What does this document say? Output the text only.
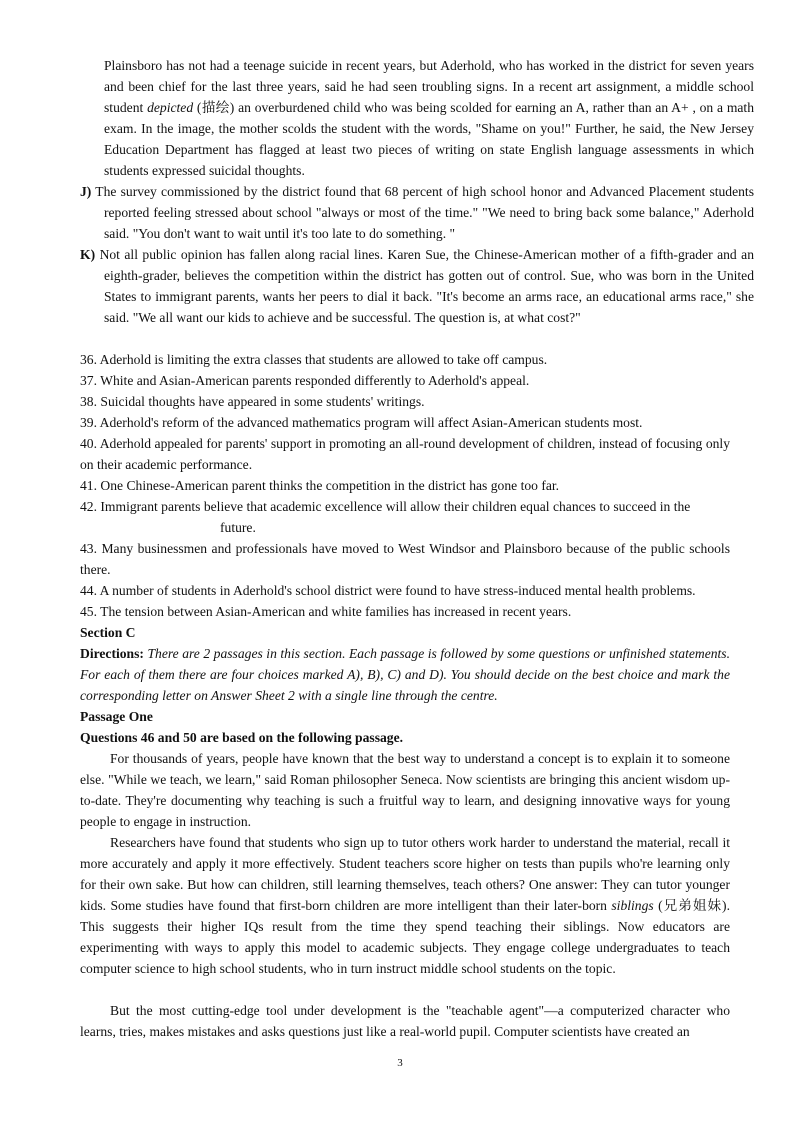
Plainsboro has not had a teenage suicide in recent years, but Aderhold, who has worked in the district for seven years and been chief for the last three years, said he had seen troubling signs. In a recent art assignment, a middle school student depicted (描绘) an overburdened child who was being scolded for earning an A, rather than an A+ , on a math exam. In the image, the mother scolds the student with the words, "Shame on you!" Further, he said, the New Jersey Education Department has flagged at least two pieces of writing on state English language assessments in which students expressed suicidal thoughts.

J) The survey commissioned by the district found that 68 percent of high school honor and Advanced Placement students reported feeling stressed about school "always or most of the time." "We need to bring back some balance," Aderhold said. "You don't want to wait until it's too late to do something. "

K) Not all public opinion has fallen along racial lines. Karen Sue, the Chinese-American mother of a fifth-grader and an eighth-grader, believes the competition within the district has gotten out of control. Sue, who was born in the United States to immigrant parents, wants her peers to dial it back. "It's become an arms race, an educational arms race," she said. "We all want our kids to achieve and be successful. The question is, at what cost?"

36. Aderhold is limiting the extra classes that students are allowed to take off campus.

37. White and Asian-American parents responded differently to Aderhold's appeal.

38. Suicidal thoughts have appeared in some students' writings.

39. Aderhold's reform of the advanced mathematics program will affect Asian-American students most.

40. Aderhold appealed for parents' support in promoting an all-round development of children, instead of focusing only on their academic performance.

41. One Chinese-American parent thinks the competition in the district has gone too far.

42. Immigrant parents believe that academic excellence will allow their children equal chances to succeed in the
future.

43. Many businessmen and professionals have moved to West Windsor and Plainsboro because of the public schools there.

44. A number of students in Aderhold's school district were found to have stress-induced mental health problems.

45. The tension between Asian-American and white families has increased in recent years.

Section C

Directions: There are 2 passages in this section. Each passage is followed by some questions or unfinished statements. For each of them there are four choices marked A), B), C) and D). You should decide on the best choice and mark the corresponding letter on Answer Sheet 2 with a single line through the centre.

Passage One

Questions 46 and 50 are based on the following passage.

For thousands of years, people have known that the best way to understand a concept is to explain it to someone else. "While we teach, we learn," said Roman philosopher Seneca. Now scientists are bringing this ancient wisdom up-to-date. They're documenting why teaching is such a fruitful way to learn, and designing innovative ways for young people to engage in instruction.

Researchers have found that students who sign up to tutor others work harder to understand the material, recall it more accurately and apply it more effectively. Student teachers score higher on tests than pupils who're learning only for their own sake. But how can children, still learning themselves, teach others? One answer: They can tutor younger kids. Some studies have found that first-born children are more intelligent than their later-born siblings (兄弟姐妹). This suggests their higher IQs result from the time they spend teaching their siblings. Now educators are experimenting with ways to apply this model to academic subjects. They engage college undergraduates to teach computer science to high school students, who in turn instruct middle school students on the topic.

But the most cutting-edge tool under development is the "teachable agent"—a computerized character who learns, tries, makes mistakes and asks questions just like a real-world pupil. Computer scientists have created an

3
